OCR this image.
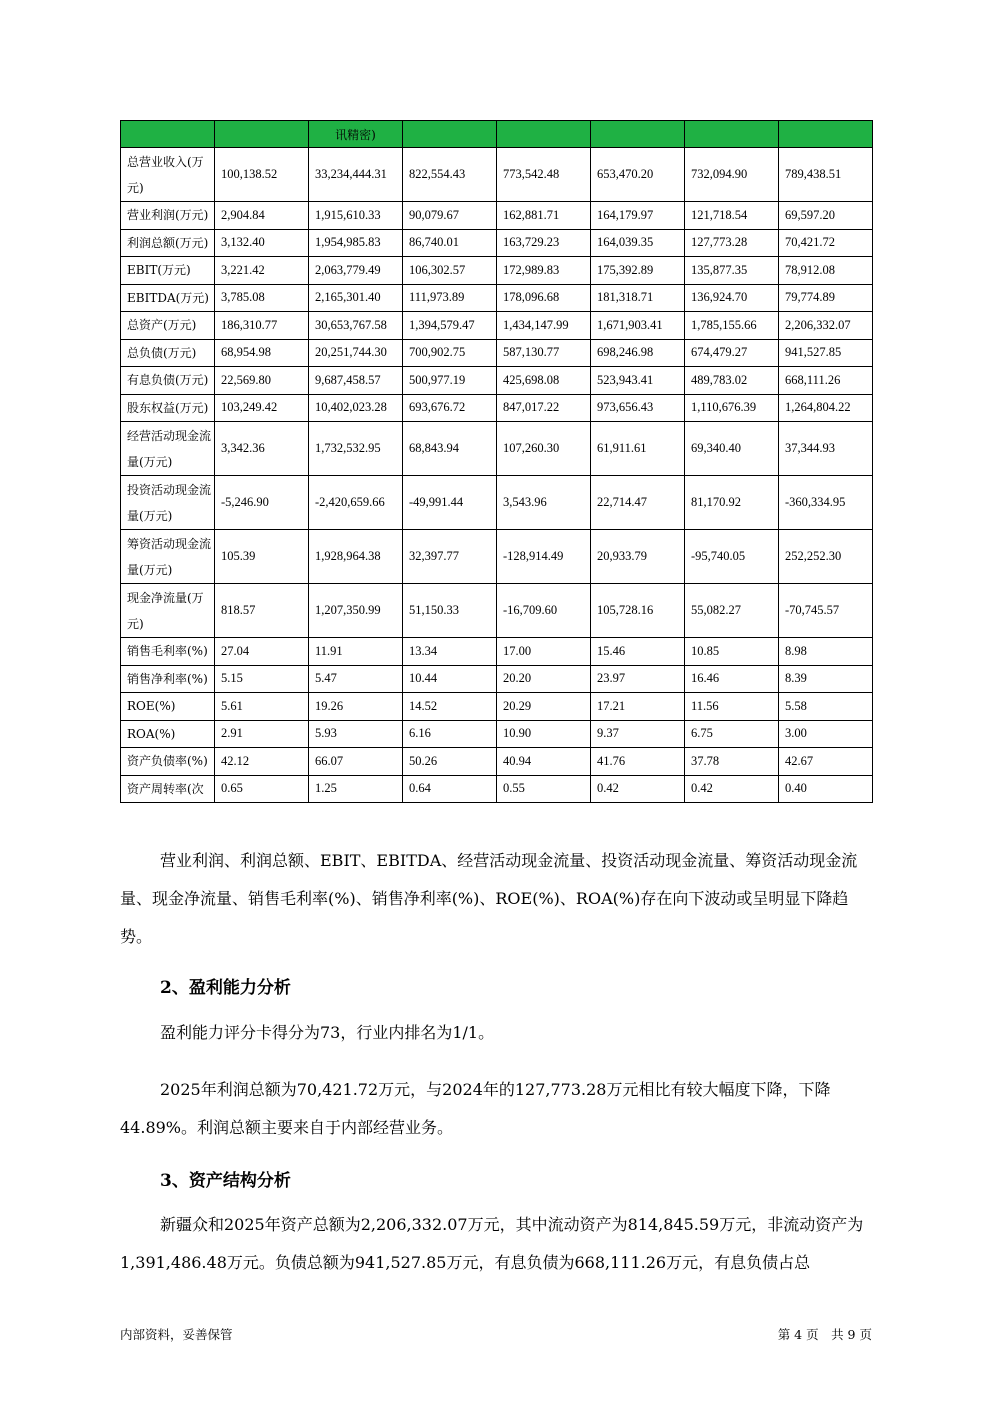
		讯精密)					
总营业收入(万元)	100,138.52	33,234,444.31	822,554.43	773,542.48	653,470.20	732,094.90	789,438.51
营业利润(万元)	2,904.84	1,915,610.33	90,079.67	162,881.71	164,179.97	121,718.54	69,597.20
利润总额(万元)	3,132.40	1,954,985.83	86,740.01	163,729.23	164,039.35	127,773.28	70,421.72
EBIT(万元)	3,221.42	2,063,779.49	106,302.57	172,989.83	175,392.89	135,877.35	78,912.08
EBITDA(万元)	3,785.08	2,165,301.40	111,973.89	178,096.68	181,318.71	136,924.70	79,774.89
总资产(万元)	186,310.77	30,653,767.58	1,394,579.47	1,434,147.99	1,671,903.41	1,785,155.66	2,206,332.07
总负债(万元)	68,954.98	20,251,744.30	700,902.75	587,130.77	698,246.98	674,479.27	941,527.85
有息负债(万元)	22,569.80	9,687,458.57	500,977.19	425,698.08	523,943.41	489,783.02	668,111.26
股东权益(万元)	103,249.42	10,402,023.28	693,676.72	847,017.22	973,656.43	1,110,676.39	1,264,804.22
经营活动现金流量(万元)	3,342.36	1,732,532.95	68,843.94	107,260.30	61,911.61	69,340.40	37,344.93
投资活动现金流量(万元)	-5,246.90	-2,420,659.66	-49,991.44	3,543.96	22,714.47	81,170.92	-360,334.95
筹资活动现金流量(万元)	105.39	1,928,964.38	32,397.77	-128,914.49	20,933.79	-95,740.05	252,252.30
现金净流量(万元)	818.57	1,207,350.99	51,150.33	-16,709.60	105,728.16	55,082.27	-70,745.57
销售毛利率(%)	27.04	11.91	13.34	17.00	15.46	10.85	8.98
销售净利率(%)	5.15	5.47	10.44	20.20	23.97	16.46	8.39
ROE(%)	5.61	19.26	14.52	20.29	17.21	11.56	5.58
ROA(%)	2.91	5.93	6.16	10.90	9.37	6.75	3.00
资产负债率(%)	42.12	66.07	50.26	40.94	41.76	37.78	42.67
资产周转率(次	0.65	1.25	0.64	0.55	0.42	0.42	0.40

营业利润、利润总额、EBIT、EBITDA、经营活动现金流量、投资活动现金流量、筹资活动现金流量、现金净流量、销售毛利率(%)、销售净利率(%)、ROE(%)、ROA(%)存在向下波动或呈明显下降趋势。

2、盈利能力分析

盈利能力评分卡得分为73，行业内排名为1/1。

2025年利润总额为70,421.72万元，与2024年的127,773.28万元相比有较大幅度下降，下降44.89%。利润总额主要来自于内部经营业务。

3、资产结构分析

新疆众和2025年资产总额为2,206,332.07万元，其中流动资产为814,845.59万元，非流动资产为1,391,486.48万元。负债总额为941,527.85万元，有息负债为668,111.26万元，有息负债占总

内部资料，妥善保管	第 4 页　共 9 页
